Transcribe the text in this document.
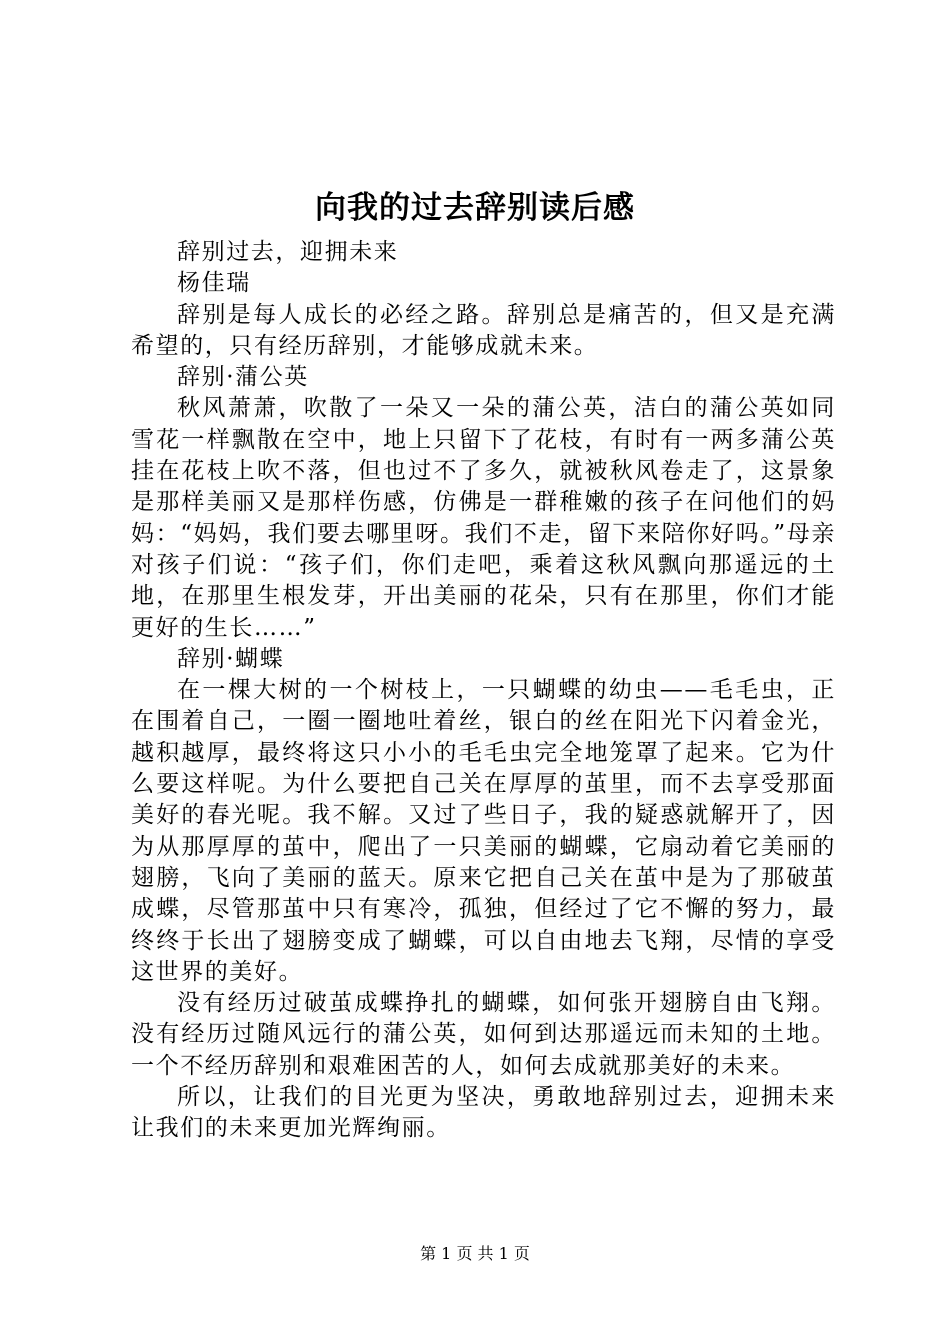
向我的过去辞别读后感

辞别过去，迎拥未来

杨佳瑞

辞别是每人成长的必经之路。辞别总是痛苦的，但又是充满希望的，只有经历辞别，才能够成就未来。

辞别·蒲公英

秋风萧萧，吹散了一朵又一朵的蒲公英，洁白的蒲公英如同雪花一样飘散在空中，地上只留下了花枝，有时有一两多蒲公英挂在花枝上吹不落，但也过不了多久，就被秋风卷走了，这景象是那样美丽又是那样伤感，仿佛是一群稚嫩的孩子在问他们的妈妈：“妈妈，我们要去哪里呀。我们不走，留下来陪你好吗。”母亲对孩子们说：“孩子们，你们走吧，乘着这秋风飘向那遥远的土地，在那里生根发芽，开出美丽的花朵，只有在那里，你们才能更好的生长……”

辞别·蝴蝶

在一棵大树的一个树枝上，一只蝴蝶的幼虫——毛毛虫，正在围着自己，一圈一圈地吐着丝，银白的丝在阳光下闪着金光，越积越厚，最终将这只小小的毛毛虫完全地笼罩了起来。它为什么要这样呢。为什么要把自己关在厚厚的茧里，而不去享受那面美好的春光呢。我不解。又过了些日子，我的疑惑就解开了，因为从那厚厚的茧中，爬出了一只美丽的蝴蝶，它扇动着它美丽的翅膀，飞向了美丽的蓝天。原来它把自己关在茧中是为了那破茧成蝶，尽管那茧中只有寒冷，孤独，但经过了它不懈的努力，最终终于长出了翅膀变成了蝴蝶，可以自由地去飞翔，尽情的享受这世界的美好。

没有经历过破茧成蝶挣扎的蝴蝶，如何张开翅膀自由飞翔。没有经历过随风远行的蒲公英，如何到达那遥远而未知的土地。一个不经历辞别和艰难困苦的人，如何去成就那美好的未来。

所以，让我们的目光更为坚决，勇敢地辞别过去，迎拥未来让我们的未来更加光辉绚丽。

第 1 页 共 1 页
